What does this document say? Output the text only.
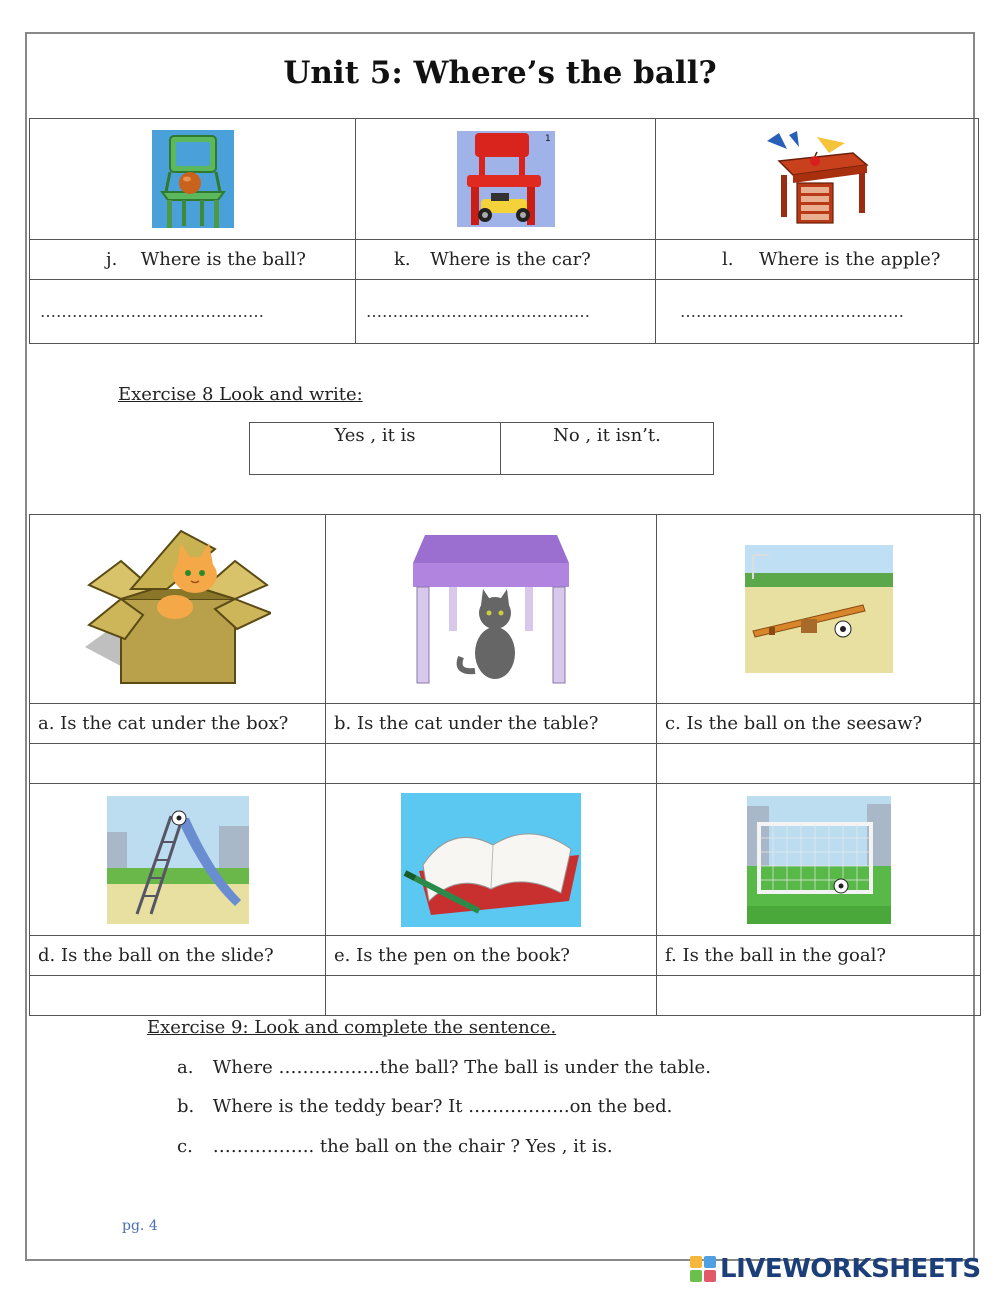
Unit 5: Where’s the ball?

1

j. Where is the ball?	k. Where is the car?	l. Where is the apple?
……………………………………	……………………………………	……………………………………
Exercise 8 Look and write:
Yes , it is	No , it isn’t.

a. Is the cat under the box?	b. Is the cat under the table?	c. Is the ball on the seesaw?

d. Is the ball on the slide?	e. Is the pen on the book?	f. Is the ball in the goal?

Exercise 9: Look and complete the sentence.
a. Where ……………..the ball? The ball is under the table.
b. Where is the teddy bear? It ……………..on the bed.
c. …………….. the ball on the chair ? Yes , it is.
pg. 4
LIVEWORKSHEETS
